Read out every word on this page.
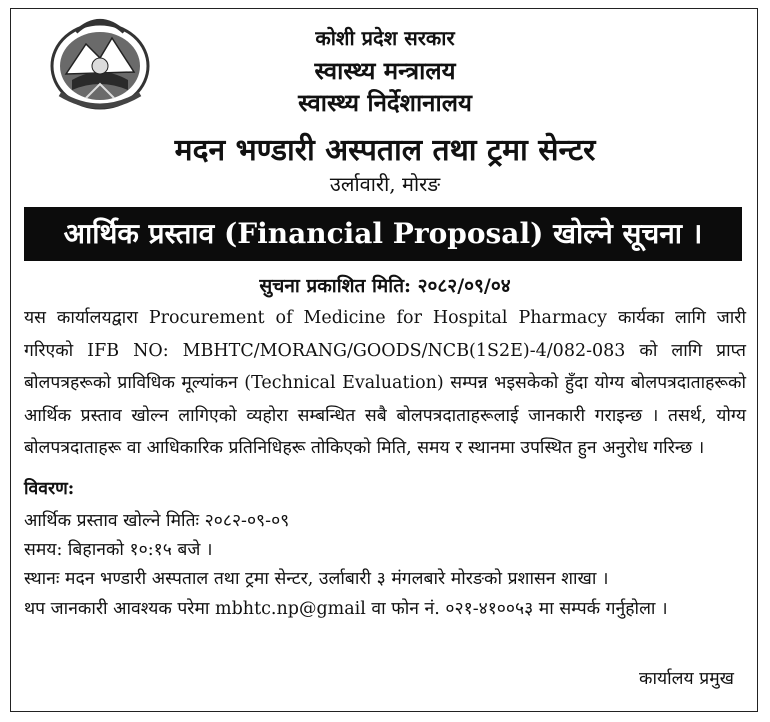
कोशी प्रदेश सरकार
स्वास्थ्य मन्त्रालय
स्वास्थ्य निर्देशानालय
मदन भण्डारी अस्पताल तथा ट्रमा सेन्टर
उर्लावारी, मोरङ
आर्थिक प्रस्ताव (Financial Proposal) खोल्ने सूचना ।
सुचना प्रकाशित मिति: २०८२/०९/०४

यस कार्यालयद्वारा Procurement of Medicine for Hospital Pharmacy कार्यका लागि जारी गरिएको IFB NO: MBHTC/MORANG/GOODS/NCB(1S2E)-4/082-083 को लागि प्राप्त बोलपत्रहरूको प्राविधिक मूल्यांकन (Technical Evaluation) सम्पन्न भइसकेको हुँदा योग्य बोलपत्रदाताहरूको आर्थिक प्रस्ताव खोल्न लागिएको व्यहोरा सम्बन्धित सबै बोलपत्रदाताहरूलाई जानकारी गराइन्छ । तसर्थ, योग्य बोलपत्रदाताहरू वा आधिकारिक प्रतिनिधिहरू तोकिएको मिति, समय र स्थानमा उपस्थित हुन अनुरोध गरिन्छ ।

विवरण:
आर्थिक प्रस्ताव खोल्ने मितिः २०८२-०९-०९
समय: बिहानको १०:१५ बजे ।
स्थानः मदन भण्डारी अस्पताल तथा ट्रमा सेन्टर, उर्लाबारी ३ मंगलबारे मोरङको प्रशासन शाखा ।
थप जानकारी आवश्यक परेमा mbhtc.np@gmail वा फोन नं. ०२१-४१००५३ मा सम्पर्क गर्नुहोला ।
कार्यालय प्रमुख
